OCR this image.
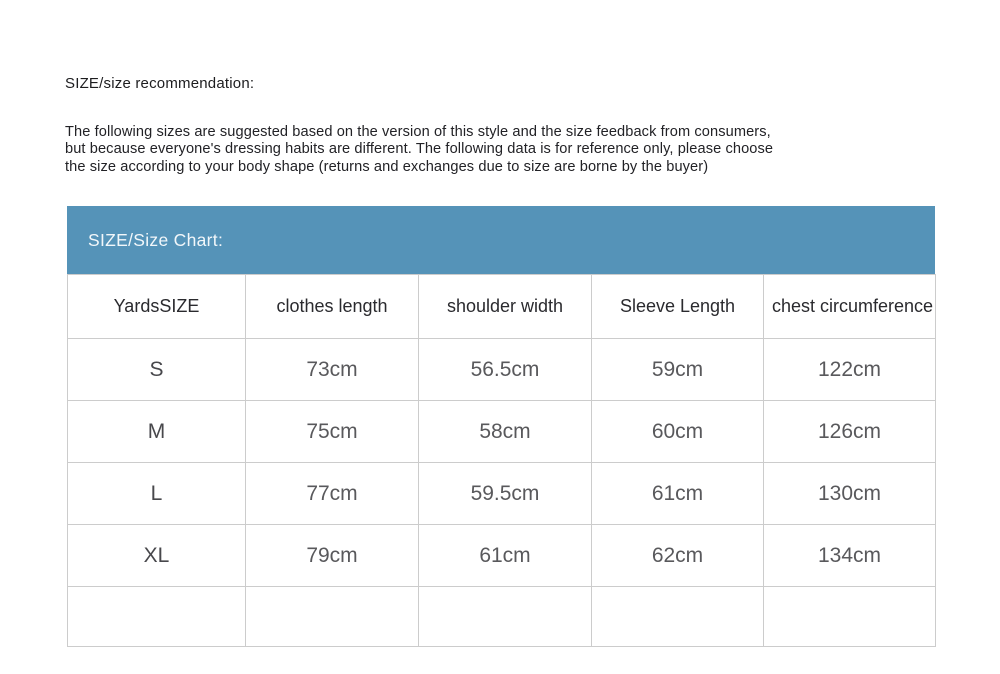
SIZE/size recommendation:
The following sizes are suggested based on the version of this style and the size feedback from consumers,
but because everyone's dressing habits are different. The following data is for reference only, please choose
the size according to your body shape (returns and exchanges due to size are borne by the buyer)
SIZE/Size Chart:
YardsSIZE	clothes length	shoulder width	Sleeve Length	chest circumference
S	73cm	56.5cm	59cm	122cm
M	75cm	58cm	60cm	126cm
L	77cm	59.5cm	61cm	130cm
XL	79cm	61cm	62cm	134cm
